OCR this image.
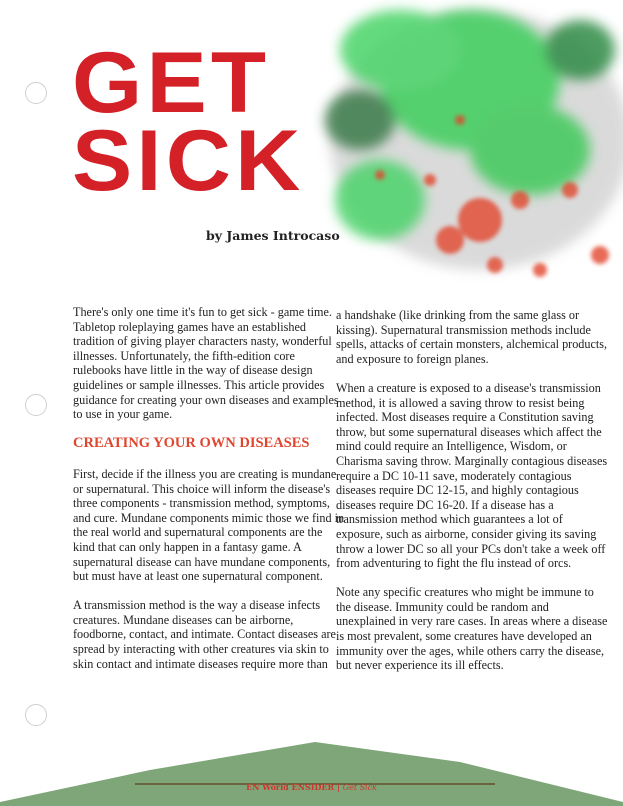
GET
SICK
by James Introcaso

There's only one time it's fun to get sick - game time. Tabletop roleplaying games have an established tradition of giving player characters nasty, wonderful illnesses. Unfortunately, the fifth-edition core rulebooks have little in the way of disease design guidelines or sample illnesses. This article provides guidance for creating your own diseases and examples to use in your game.

CREATING YOUR OWN DISEASES

First, decide if the illness you are creating is mundane or supernatural. This choice will inform the disease's three components - transmission method, symptoms, and cure. Mundane components mimic those we find in the real world and supernatural components are the kind that can only happen in a fantasy game. A supernatural disease can have mundane components, but must have at least one supernatural component.

A transmission method is the way a disease infects creatures. Mundane diseases can be airborne, foodborne, contact, and intimate. Contact diseases are spread by interacting with other creatures via skin to skin contact and intimate diseases require more than

a handshake (like drinking from the same glass or kissing). Supernatural transmission methods include spells, attacks of certain monsters, alchemical products, and exposure to foreign planes.

When a creature is exposed to a disease's transmission method, it is allowed a saving throw to resist being infected. Most diseases require a Constitution saving throw, but some supernatural diseases which affect the mind could require an Intelligence, Wisdom, or Charisma saving throw. Marginally contagious diseases require a DC 10-11 save, moderately contagious diseases require DC 12-15, and highly contagious diseases require DC 16-20. If a disease has a transmission method which guarantees a lot of exposure, such as airborne, consider giving its saving throw a lower DC so all your PCs don't take a week off from adventuring to fight the flu instead of orcs.

Note any specific creatures who might be immune to the disease. Immunity could be random and unexplained in very rare cases. In areas where a disease is most prevalent, some creatures have developed an immunity over the ages, while others carry the disease, but never experience its ill effects.

EN World ENSIDER | Get Sick
